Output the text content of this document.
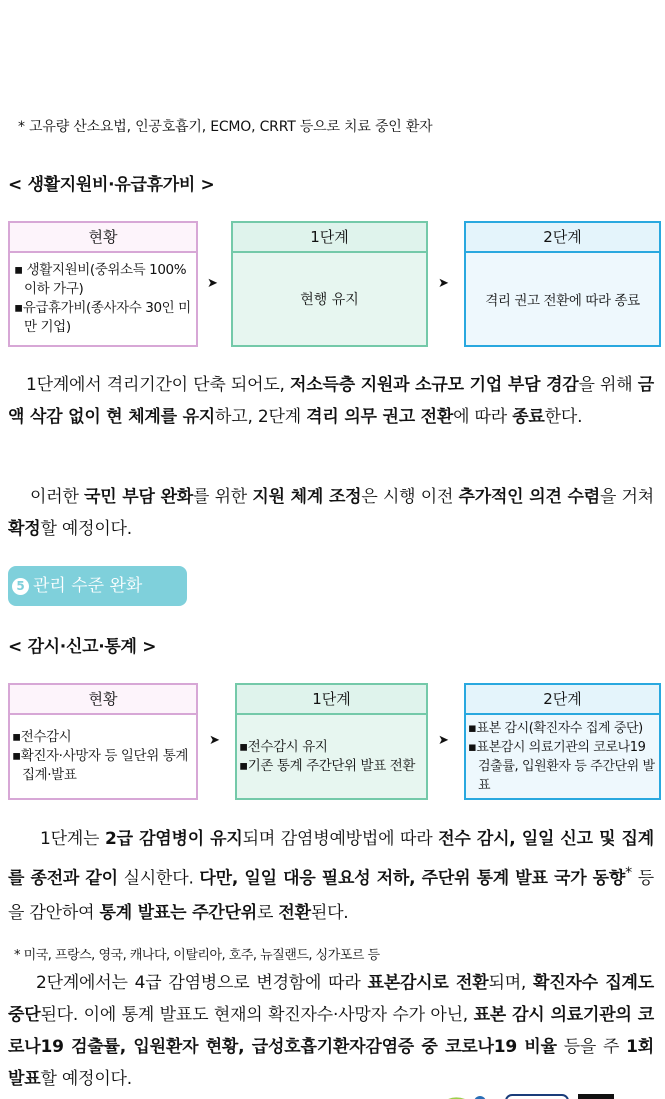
* 고유량 산소요법, 인공호흡기, ECMO, CRRT 등으로 치료 중인 환자
< 생활지원비·유급휴가비 >
현황
▪ 생활지원비(중위소득 100% 이하 가구)
▪유급휴가비(종사자수 30인 미만 기업)
➤
1단계
현행 유지
➤
2단계
격리 권고 전환에 따라 종료
1단계에서 격리기간이 단축 되어도, 저소득층 지원과 소규모 기업 부담 경감을 위해 금액 삭감 없이 현 체계를 유지하고, 2단계 격리 의무 권고 전환에 따라 종료한다.
이러한 국민 부담 완화를 위한 지원 체계 조정은 시행 이전 추가적인 의견 수렴을 거쳐 확정할 예정이다.
5 관리 수준 완화
< 감시·신고·통계 >
현황
▪전수감시
▪확진자·사망자 등 일단위 통계 집계·발표
➤
1단계
▪전수감시 유지
▪기존 통계 주간단위 발표 전환
➤
2단계
▪표본 감시(확진자수 집계 중단)
▪표본감시 의료기관의 코로나19 검출률, 입원환자 등 주간단위 발표
1단계는 2급 감염병이 유지되며 감염병예방법에 따라 전수 감시, 일일 신고 및 집계를 종전과 같이 실시한다. 다만, 일일 대응 필요성 저하, 주단위 통계 발표 국가 동향* 등을 감안하여 통계 발표는 주간단위로 전환된다.
* 미국, 프랑스, 영국, 캐나다, 이탈리아, 호주, 뉴질랜드, 싱가포르 등
2단계에서는 4급 감염병으로 변경함에 따라 표본감시로 전환되며, 확진자수 집계도 중단된다. 이에 통계 발표도 현재의 확진자수·사망자 수가 아닌, 표본 감시 의료기관의 코로나19 검출률, 입원환자 현황, 급성호흡기환자감염증 중 코로나19 비율 등을 주 1회 발표할 예정이다.
